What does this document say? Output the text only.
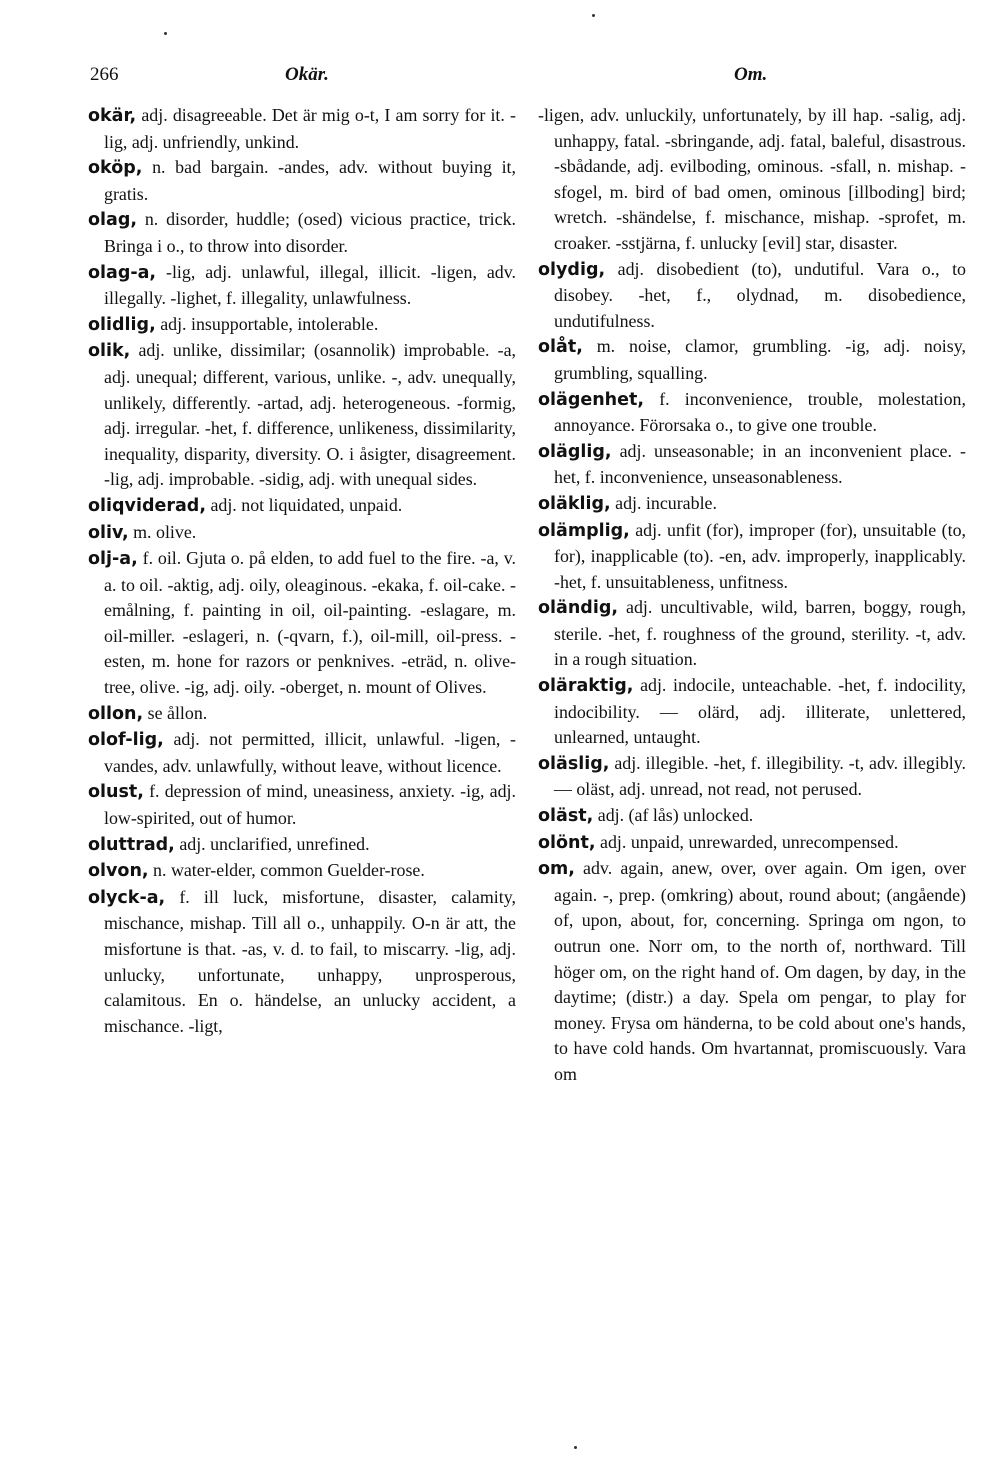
266	Okär.	Om.

okär, adj. disagreeable. Det är mig o-t, I am sorry for it. -lig, adj. unfriendly, unkind.

oköp, n. bad bargain. -andes, adv. without buying it, gratis.

olag, n. disorder, huddle; (osed) vicious practice, trick. Bringa i o., to throw into disorder.

olag-a, -lig, adj. unlawful, illegal, illicit. -ligen, adv. illegally. -lighet, f. illegality, unlawfulness.

olidlig, adj. insupportable, intolerable.

olik, adj. unlike, dissimilar; (osannolik) improbable. -a, adj. unequal; different, various, unlike. -, adv. unequally, unlikely, differently. -artad, adj. heterogeneous. -formig, adj. irregular. -het, f. difference, unlikeness, dissimilarity, inequality, disparity, diversity. O. i åsigter, disagreement. -lig, adj. improbable. -sidig, adj. with unequal sides.

oliqviderad, adj. not liquidated, unpaid.

oliv, m. olive.

olj-a, f. oil. Gjuta o. på elden, to add fuel to the fire. -a, v. a. to oil. -aktig, adj. oily, oleaginous. -ekaka, f. oil-cake. -emålning, f. painting in oil, oil-painting. -eslagare, m. oil-miller. -eslageri, n. (-qvarn, f.), oil-mill, oil-press. -esten, m. hone for razors or penknives. -eträd, n. olive-tree, olive. -ig, adj. oily. -oberget, n. mount of Olives.

ollon, se ållon.

olof-lig, adj. not permitted, illicit, unlawful. -ligen, -vandes, adv. unlawfully, without leave, without licence.

olust, f. depression of mind, uneasiness, anxiety. -ig, adj. low-spirited, out of humor.

oluttrad, adj. unclarified, unrefined.

olvon, n. water-elder, common Guelder-rose.

olyck-a, f. ill luck, misfortune, disaster, calamity, mischance, mishap. Till all o., unhappily. O-n är att, the misfortune is that. -as, v. d. to fail, to miscarry. -lig, adj. unlucky, unfortunate, unhappy, unprosperous, calamitous. En o. händelse, an unlucky accident, a mischance. -ligt,

-ligen, adv. unluckily, unfortunately, by ill hap. -salig, adj. unhappy, fatal. -sbringande, adj. fatal, baleful, disastrous. -sbådande, adj. evilboding, ominous. -sfall, n. mishap. -sfogel, m. bird of bad omen, ominous [illboding] bird; wretch. -shändelse, f. mischance, mishap. -sprofet, m. croaker. -sstjärna, f. unlucky [evil] star, disaster.

olydig, adj. disobedient (to), undutiful. Vara o., to disobey. -het, f., olydnad, m. disobedience, undutifulness.

olåt, m. noise, clamor, grumbling. -ig, adj. noisy, grumbling, squalling.

olägenhet, f. inconvenience, trouble, molestation, annoyance. Förorsaka o., to give one trouble.

oläglig, adj. unseasonable; in an inconvenient place. -het, f. inconvenience, unseasonableness.

oläklig, adj. incurable.

olämplig, adj. unfit (for), improper (for), unsuitable (to, for), inapplicable (to). -en, adv. improperly, inapplicably. -het, f. unsuitableness, unfitness.

oländig, adj. uncultivable, wild, barren, boggy, rough, sterile. -het, f. roughness of the ground, sterility. -t, adv. in a rough situation.

oläraktig, adj. indocile, unteachable. -het, f. indocility, indocibility. — olärd, adj. illiterate, unlettered, unlearned, untaught.

oläslig, adj. illegible. -het, f. illegibility. -t, adv. illegibly. — oläst, adj. unread, not read, not perused.

oläst, adj. (af lås) unlocked.

olönt, adj. unpaid, unrewarded, unrecompensed.

om, adv. again, anew, over, over again. Om igen, over again. -, prep. (omkring) about, round about; (angående) of, upon, about, for, concerning. Springa om ngon, to outrun one. Norr om, to the north of, northward. Till höger om, on the right hand of. Om dagen, by day, in the daytime; (distr.) a day. Spela om pengar, to play for money. Frysa om händerna, to be cold about one's hands, to have cold hands. Om hvartannat, promiscuously. Vara om
